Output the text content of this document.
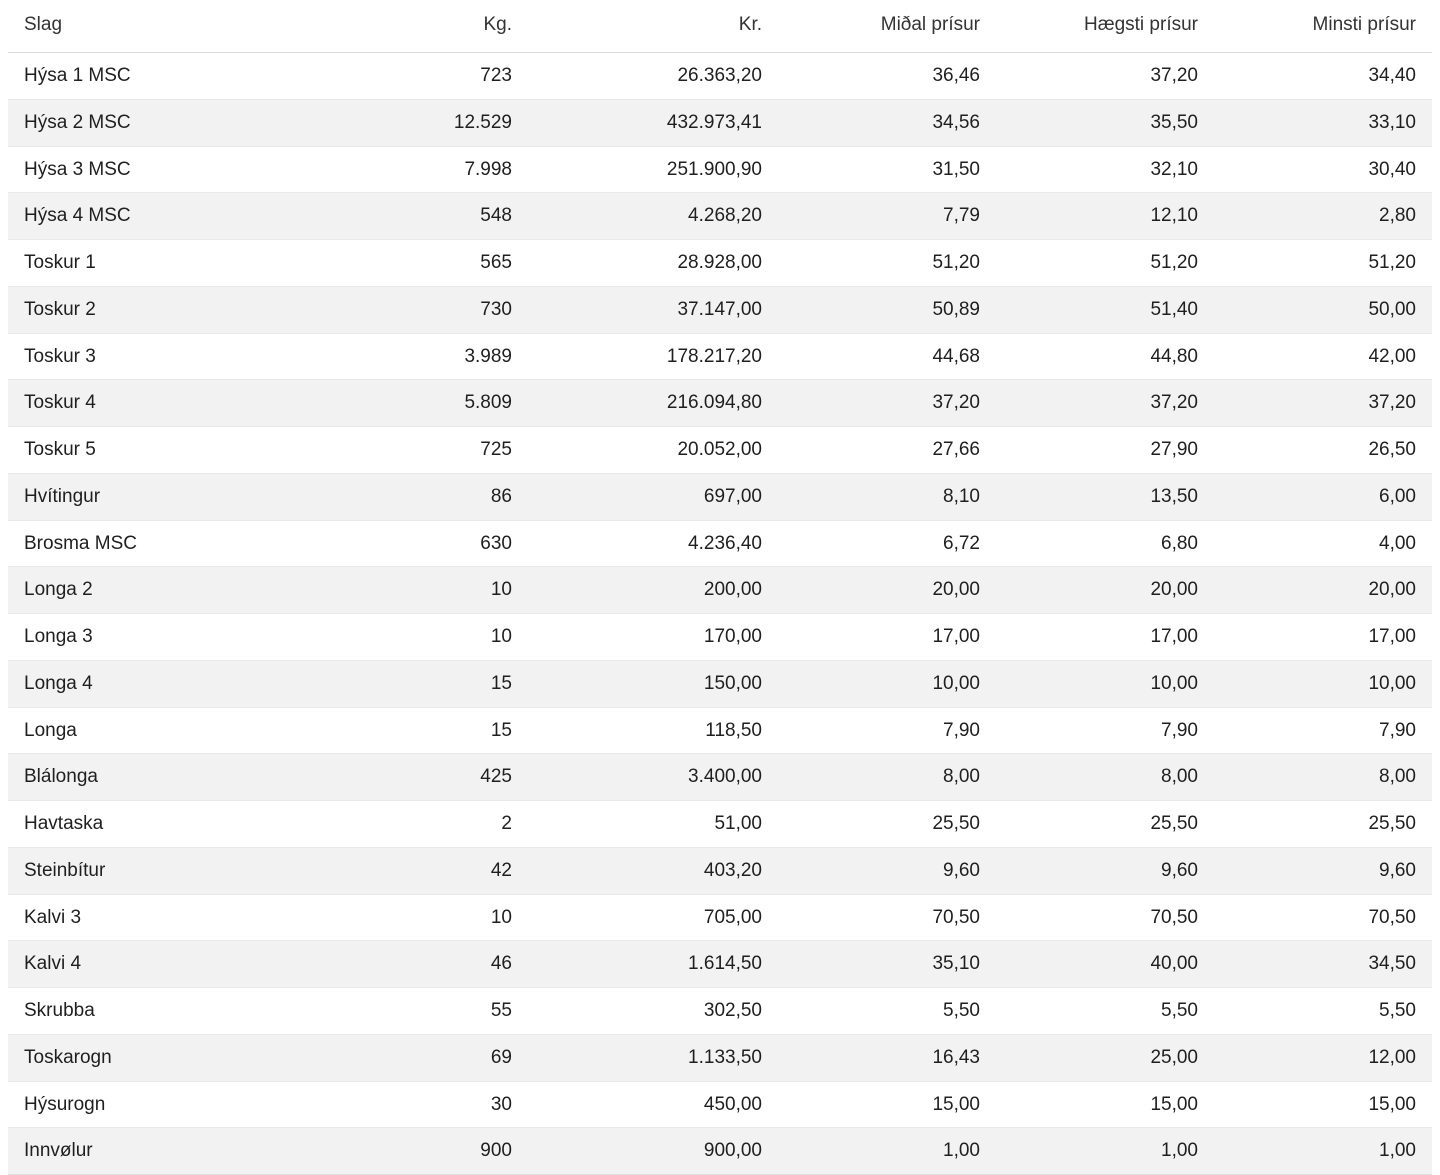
Slag	Kg.	Kr.	Miðal prísur	Hægsti prísur	Minsti prísur
Hýsa 1 MSC	723	26.363,20	36,46	37,20	34,40
Hýsa 2 MSC	12.529	432.973,41	34,56	35,50	33,10
Hýsa 3 MSC	7.998	251.900,90	31,50	32,10	30,40
Hýsa 4 MSC	548	4.268,20	7,79	12,10	2,80
Toskur 1	565	28.928,00	51,20	51,20	51,20
Toskur 2	730	37.147,00	50,89	51,40	50,00
Toskur 3	3.989	178.217,20	44,68	44,80	42,00
Toskur 4	5.809	216.094,80	37,20	37,20	37,20
Toskur 5	725	20.052,00	27,66	27,90	26,50
Hvítingur	86	697,00	8,10	13,50	6,00
Brosma MSC	630	4.236,40	6,72	6,80	4,00
Longa 2	10	200,00	20,00	20,00	20,00
Longa 3	10	170,00	17,00	17,00	17,00
Longa 4	15	150,00	10,00	10,00	10,00
Longa	15	118,50	7,90	7,90	7,90
Blálonga	425	3.400,00	8,00	8,00	8,00
Havtaska	2	51,00	25,50	25,50	25,50
Steinbítur	42	403,20	9,60	9,60	9,60
Kalvi 3	10	705,00	70,50	70,50	70,50
Kalvi 4	46	1.614,50	35,10	40,00	34,50
Skrubba	55	302,50	5,50	5,50	5,50
Toskarogn	69	1.133,50	16,43	25,00	12,00
Hýsurogn	30	450,00	15,00	15,00	15,00
Innvølur	900	900,00	1,00	1,00	1,00
